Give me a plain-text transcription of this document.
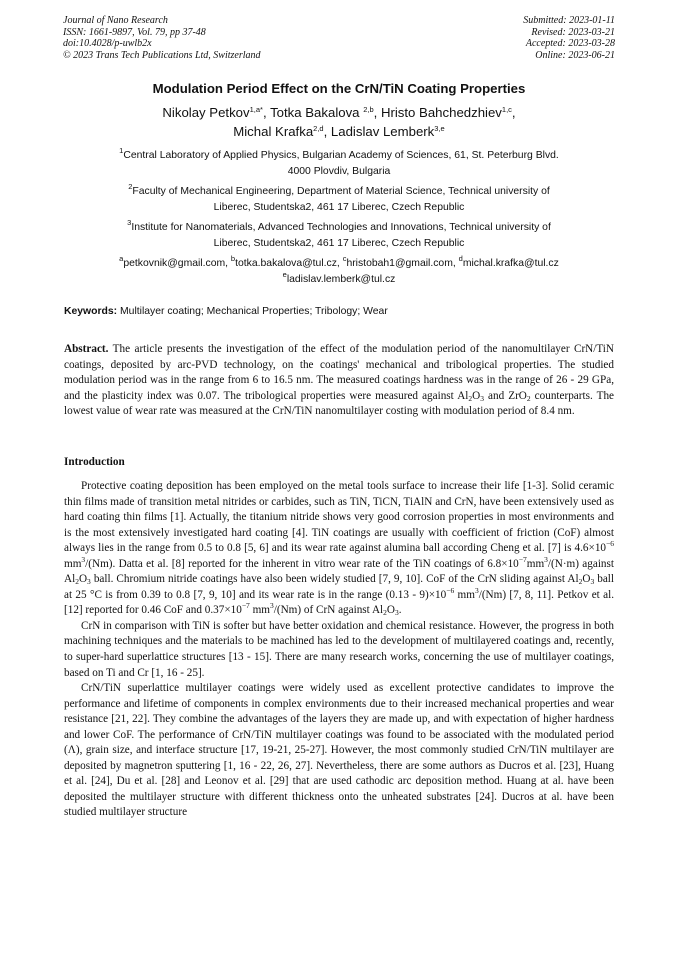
Journal of Nano Research
ISSN: 1661-9897, Vol. 79, pp 37-48
doi:10.4028/p-uwlb2x
© 2023 Trans Tech Publications Ltd, Switzerland
Submitted: 2023-01-11
Revised: 2023-03-21
Accepted: 2023-03-28
Online: 2023-06-21
Modulation Period Effect on the CrN/TiN Coating Properties
Nikolay Petkov$^{1,a*}$, Totka Bakalova $^{2,b}$, Hristo Bahchedzhiev$^{1,c}$,
Michal Krafka$^{2,d}$, Ladislav Lemberk$^{3,e}$
$^1$Central Laboratory of Applied Physics, Bulgarian Academy of Sciences, 61, St. Peterburg Blvd.
4000 Plovdiv, Bulgaria
$^2$Faculty of Mechanical Engineering, Department of Material Science, Technical university of
Liberec, Studentska2, 461 17 Liberec, Czech Republic
$^3$Institute for Nanomaterials, Advanced Technologies and Innovations, Technical university of
Liberec, Studentska2, 461 17 Liberec, Czech Republic
$^a$petkovnik@gmail.com, $^b$totka.bakalova@tul.cz, $^c$hristobah1@gmail.com, $^d$michal.krafka@tul.cz
$^e$ladislav.lemberk@tul.cz
Keywords: Multilayer coating; Mechanical Properties; Tribology; Wear
Abstract. The article presents the investigation of the effect of the modulation period of the nanomultilayer CrN/TiN coatings, deposited by arc-PVD technology, on the coatings' mechanical and tribological properties. The studied modulation period was in the range from 6 to 16.5 nm. The measured coatings hardness was in the range of 26 - 29 GPa, and the plasticity index was 0.07. The tribological properties were measured against $Al_2O_3$ and ZrO$_2$ counterparts. The lowest value of wear rate was measured at the CrN/TiN nanomultilayer costing with modulation period of 8.4 nm.
Introduction

Protective coating deposition has been employed on the metal tools surface to increase their life [1-3]. Solid ceramic thin films made of transition metal nitrides or carbides, such as TiN, TiCN, TiAlN and CrN, have been extensively used as hard coating thin films [1]. Actually, the titanium nitride shows very good corrosion properties in most environments and is the most extensively investigated hard coating [4]. TiN coatings are usually with coefficient of friction (CoF) almost always lies in the range from 0.5 to 0.8 [5, 6] and its wear rate against alumina ball according Cheng et al. [7] is $4.6\times 10^{-6}$ $mm^3/(Nm)$. Datta et al. [8] reported for the inherent in vitro wear rate of the TiN coatings of $6.8\times 10^{-7}mm^3/(N\cdot m)$ against $Al_2O_3$ ball. Chromium nitride coatings have also been widely studied [7, 9, 10]. CoF of the CrN sliding against $Al_2O_3$ ball at 25 °C is from 0.39 to 0.8 [7, 9, 10] and its wear rate is in the range $(0.13 - 9)\times 10^{-6}$ $mm^3/(Nm)$ [7, 8, 11]. Petkov et al. [12] reported for 0.46 CoF and $0.37\times 10^{-7}$ $mm^3/(Nm)$ of CrN against $Al_2O_3$.

CrN in comparison with TiN is softer but have better oxidation and chemical resistance. However, the progress in both machining techniques and the materials to be machined has led to the development of multilayered coatings and, recently, to super-hard superlattice structures [13 - 15]. There are many research works, concerning the use of multilayer coatings, based on Ti and Cr [1, 16 - 25].

CrN/TiN superlattice multilayer coatings were widely used as excellent protective candidates to improve the performance and lifetime of components in complex environments due to their increased mechanical properties and wear resistance [21, 22]. They combine the advantages of the layers they are made up, and with expectation of higher hardness and lower CoF. The performance of CrN/TiN multilayer coatings was found to be associated with the modulated period (Λ), grain size, and interface structure [17, 19-21, 25-27]. However, the most commonly studied CrN/TiN multilayer are deposited by magnetron sputtering [1, 16 - 22, 26, 27]. Nevertheless, there are some authors as Ducros et al. [23], Huang et al. [24], Du et al. [28] and Leonov et al. [29] that are used cathodic arc deposition method. Huang at al. have been deposited the multilayer structure with different thickness onto the unheated substrates [24]. Ducros at al. have been studied multilayer structure
